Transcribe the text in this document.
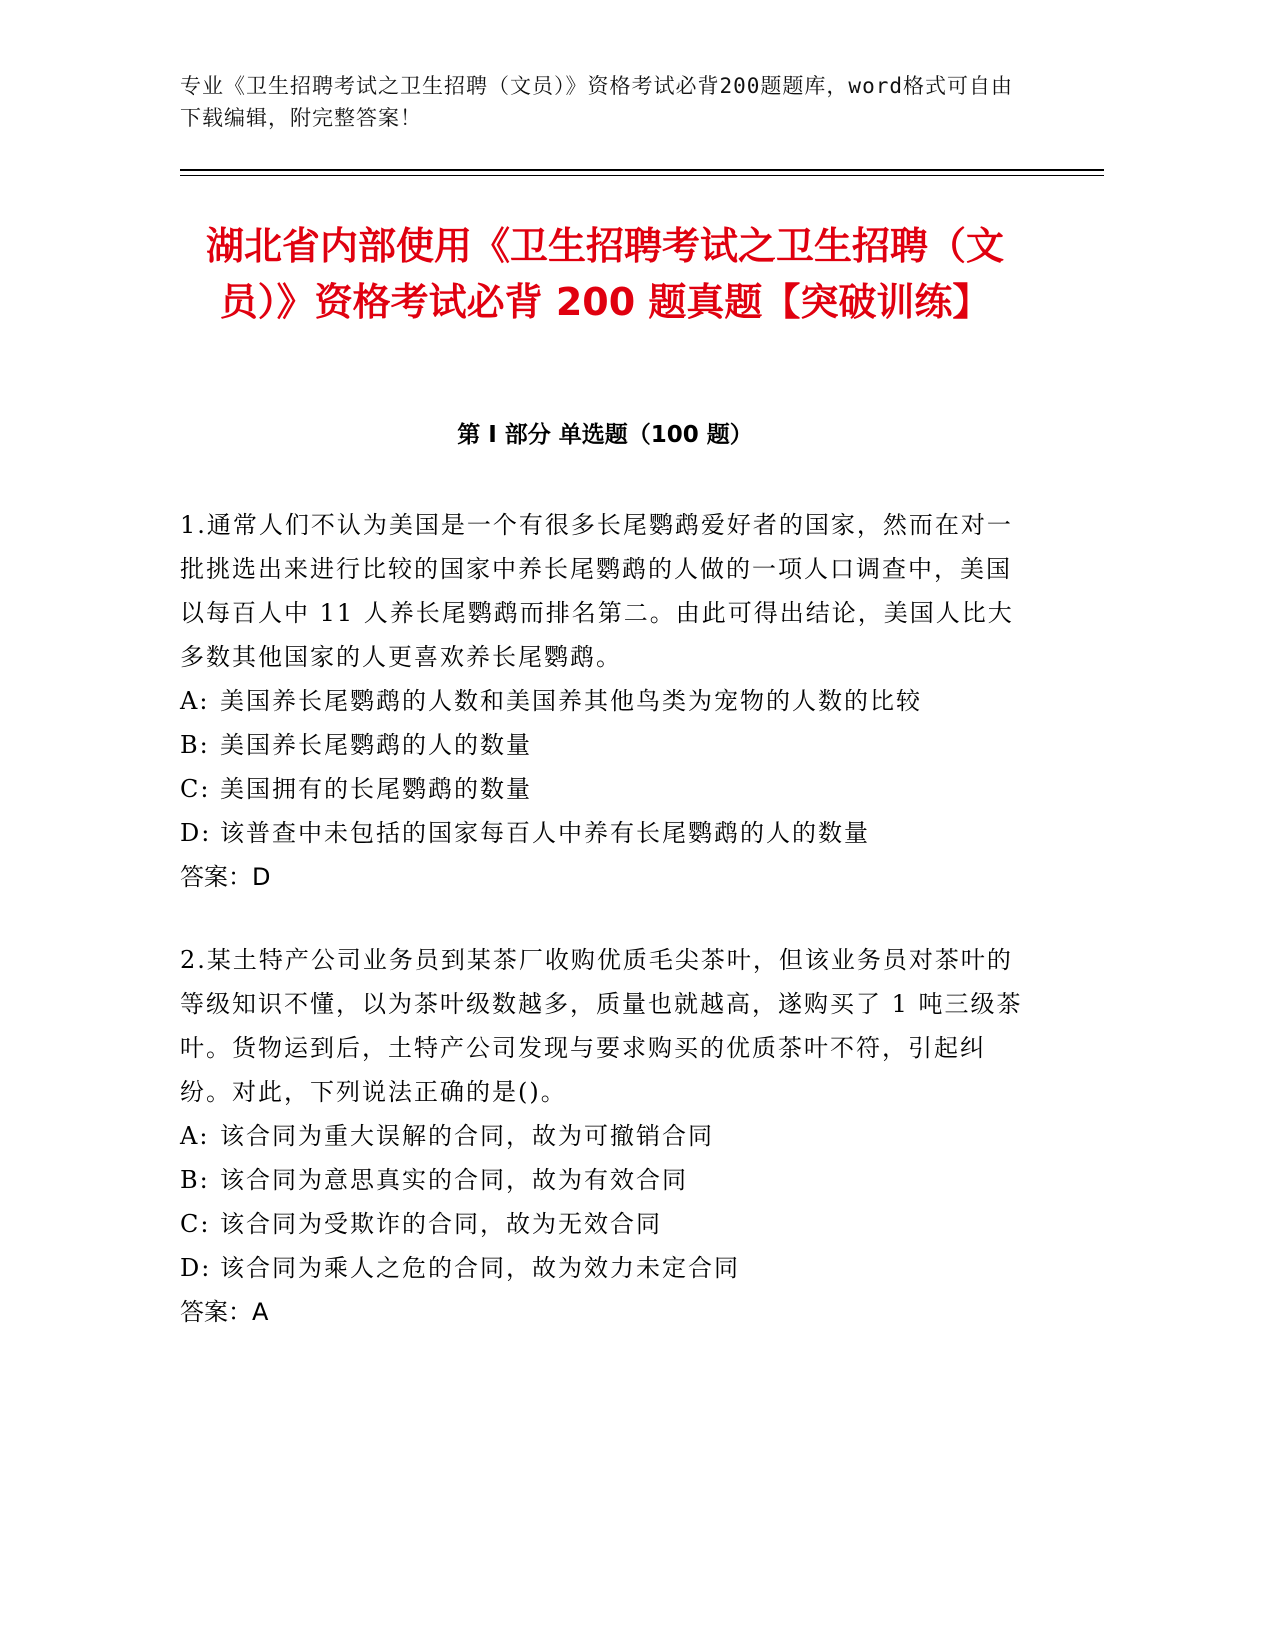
专业《卫生招聘考试之卫生招聘（文员）》资格考试必背200题题库，word格式可自由下载编辑，附完整答案！
湖北省内部使用《卫生招聘考试之卫生招聘（文员）》资格考试必背 200 题真题【突破训练】
第 I 部分 单选题（100 题）

1.通常人们不认为美国是一个有很多长尾鹦鹉爱好者的国家，然而在对一批挑选出来进行比较的国家中养长尾鹦鹉的人做的一项人口调查中，美国以每百人中 11 人养长尾鹦鹉而排名第二。由此可得出结论，美国人比大多数其他国家的人更喜欢养长尾鹦鹉。

A: 美国养长尾鹦鹉的人数和美国养其他鸟类为宠物的人数的比较

B: 美国养长尾鹦鹉的人的数量

C: 美国拥有的长尾鹦鹉的数量

D: 该普查中未包括的国家每百人中养有长尾鹦鹉的人的数量

答案：D

2.某土特产公司业务员到某茶厂收购优质毛尖茶叶，但该业务员对茶叶的等级知识不懂，以为茶叶级数越多，质量也就越高，遂购买了 1 吨三级茶叶。货物运到后，土特产公司发现与要求购买的优质茶叶不符，引起纠纷。对此，下列说法正确的是()。

A: 该合同为重大误解的合同，故为可撤销合同

B: 该合同为意思真实的合同，故为有效合同

C: 该合同为受欺诈的合同，故为无效合同

D: 该合同为乘人之危的合同，故为效力未定合同

答案：A
